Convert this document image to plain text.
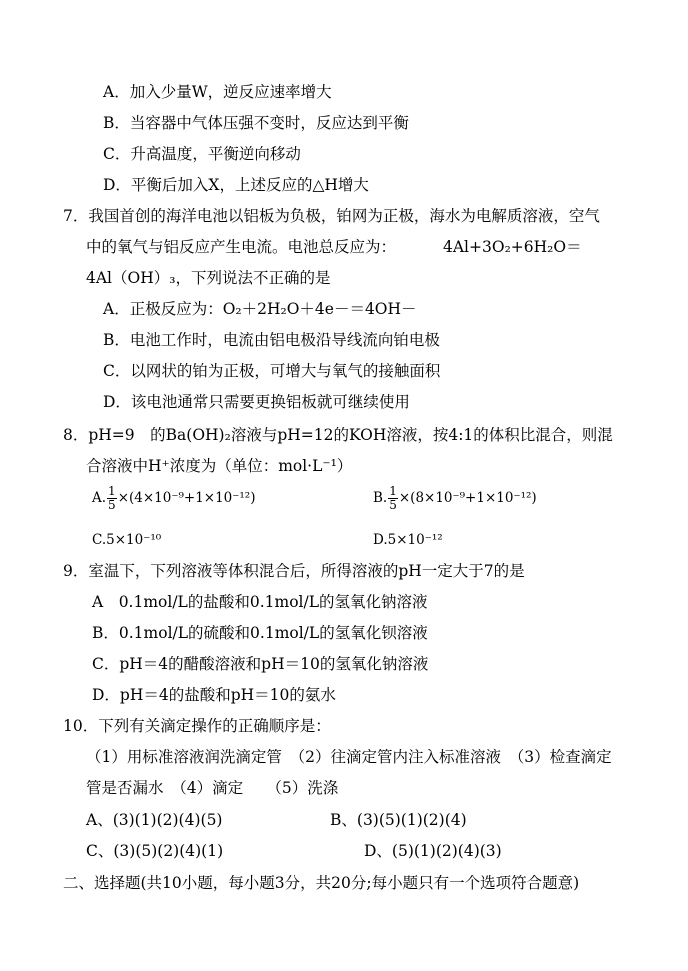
A．加入少量W，逆反应速率增大
B．当容器中气体压强不变时，反应达到平衡
C．升高温度，平衡逆向移动
D．平衡后加入X，上述反应的△H增大
7．我国首创的海洋电池以铝板为负极，铂网为正极，海水为电解质溶液，空气
中的氧气与铝反应产生电流。电池总反应为：	4Al+3O₂+6H₂O＝
4Al（OH）₃，下列说法不正确的是
A．正极反应为：O₂＋2H₂O＋4e－＝4OH－
B．电池工作时，电流由铝电极沿导线流向铂电极
C．以网状的铂为正极，可增大与氧气的接触面积
D．该电池通常只需要更换铝板就可继续使用
8．pH=9　的Ba(OH)₂溶液与pH=12的KOH溶液，按4:1的体积比混合，则混
合溶液中H⁺浓度为（单位：mol·L⁻¹）
A. $\frac{1}{5} \times(4\times 10^{-9}+1\times 10^{-12})$	B. $\frac{1}{5} \times(8\times 10^{-9}+1\times 10^{-12})$
C.5×10⁻¹⁰	D.5×10⁻¹²
9．室温下，下列溶液等体积混合后，所得溶液的pH一定大于7的是
A　0.1mol/L的盐酸和0.1mol/L的氢氧化钠溶液
B．0.1mol/L的硫酸和0.1mol/L的氢氧化钡溶液
C．pH＝4的醋酸溶液和pH＝10的氢氧化钠溶液
D．pH＝4的盐酸和pH＝10的氨水
10．下列有关滴定操作的正确顺序是：
（1）用标准溶液润洗滴定管　（2）往滴定管内注入标准溶液　（3）检查滴定
管是否漏水　（4）滴定　　（5）洗涤
A、(3)(1)(2)(4)(5)	B、(3)(5)(1)(2)(4)
C、(3)(5)(2)(4)(1)	D、(5)(1)(2)(4)(3)
二、选择题(共10小题，每小题3分，共20分;每小题只有一个选项符合题意)
